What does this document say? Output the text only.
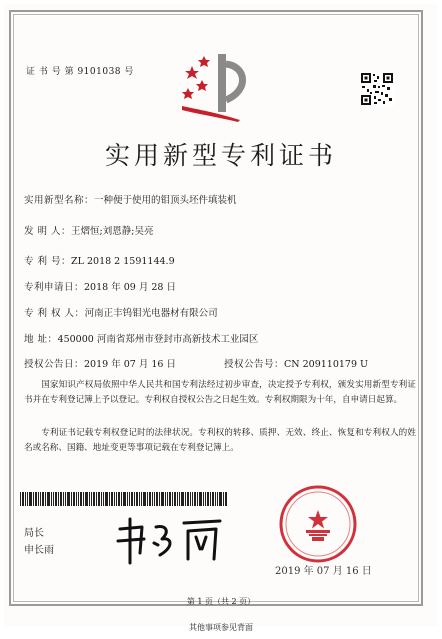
证 书 号 第 9101038 号
实用新型专利证书
实用新型名称：一种便于使用的钼顶头坯件填装机
发 明 人：王熠恒;刘恩静;吴亮
专 利 号：ZL 2018 2 1591144.9
专利申请日：2018 年 09 月 28 日
专 利 权 人：河南正丰钨钼光电器材有限公司
地 址：450000 河南省郑州市登封市高新技术工业园区
授权公告日：2019 年 07 月 16 日	授权公告号：CN 209110179 U
国家知识产权局依照中华人民共和国专利法经过初步审查，决定授予专利权，颁发实用新型专利证书并在专利登记簿上予以登记。专利权自授权公告之日起生效。专利权期限为十年，自申请日起算。
专利证书记载专利权登记时的法律状况。专利权的转移、质押、无效、终止、恢复和专利权人的姓名或名称、国籍、地址变更等事项记载在专利登记簿上。
局长
申长雨
2019 年 07 月 16 日
第 1 页（共 2 页）
其他事项参见背面
